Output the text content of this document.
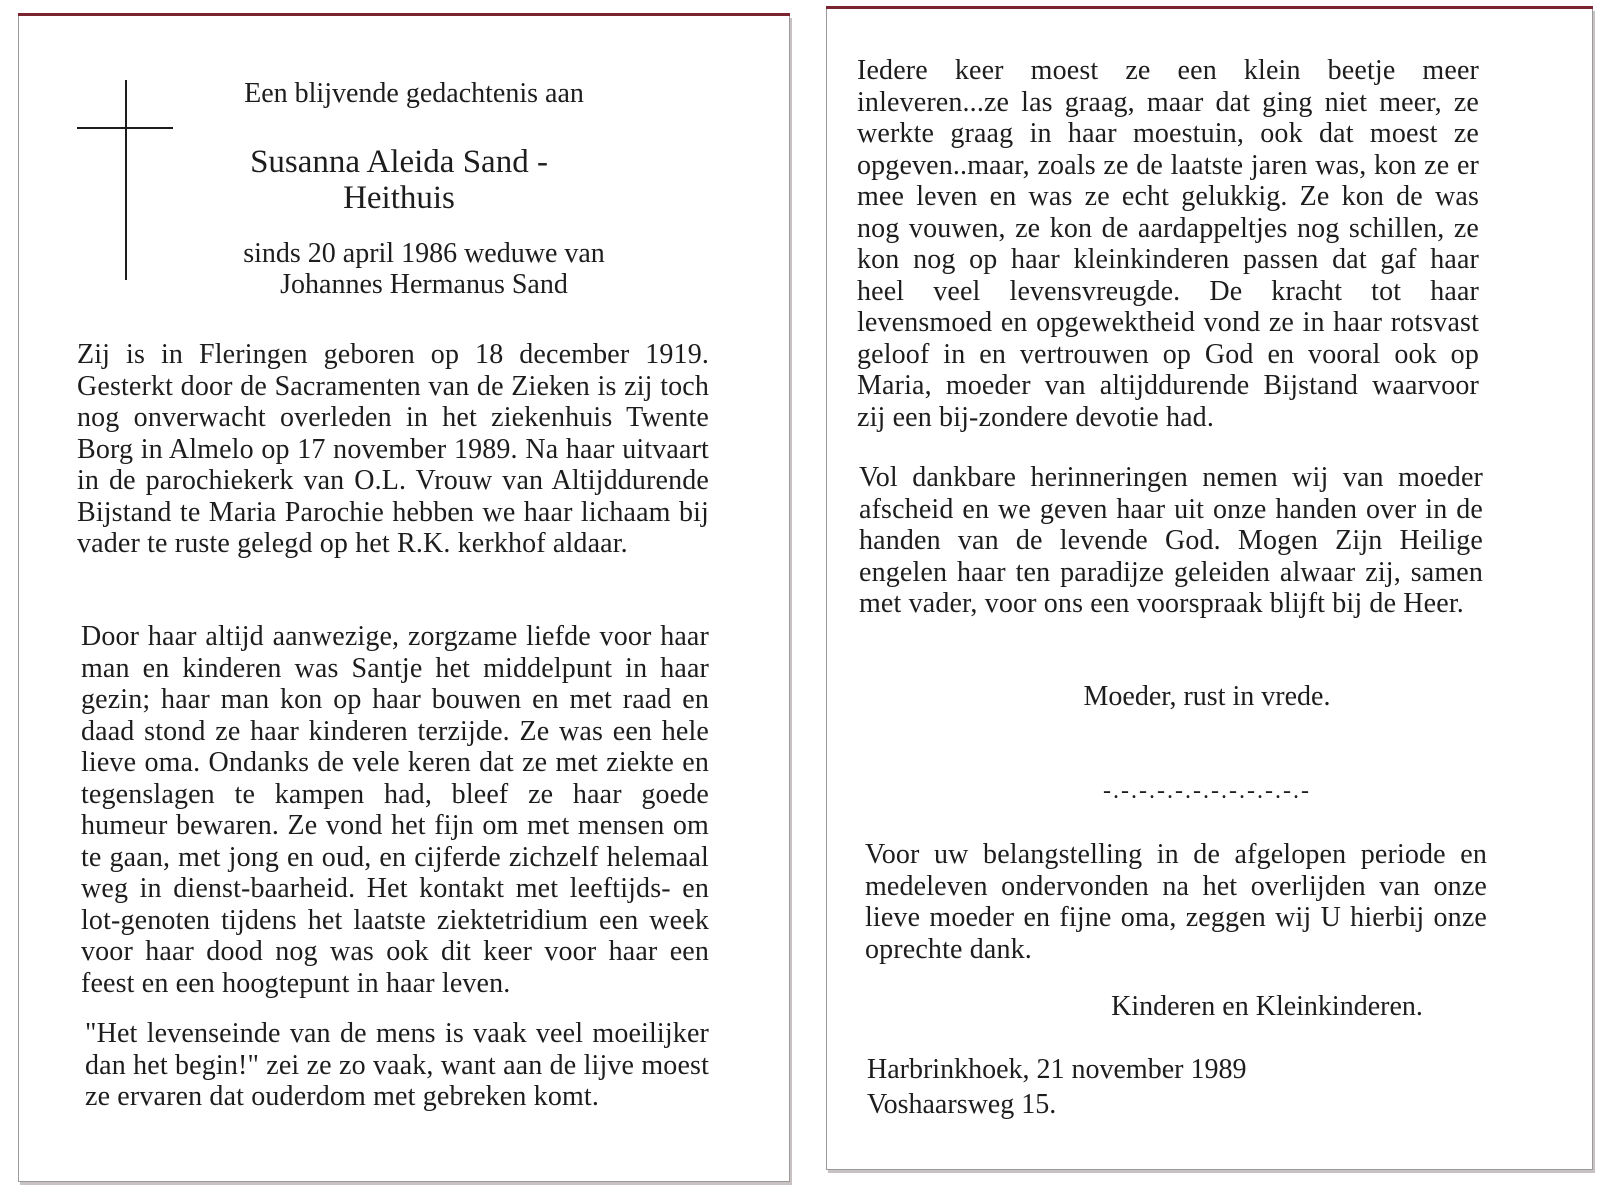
Een blijvende gedachtenis aan
Susanna Aleida Sand -
Heithuis
sinds 20 april 1986 weduwe van
Johannes Hermanus Sand
Zij is in Fleringen geboren op 18 december 1919. Gesterkt door de Sacramenten van de Zieken is zij toch nog onverwacht overleden in het ziekenhuis Twente Borg in Almelo op 17 november 1989. Na haar uitvaart in de parochiekerk van O.L. Vrouw van Altijddurende Bijstand te Maria Parochie hebben we haar lichaam bij vader te ruste gelegd op het R.K. kerkhof aldaar.
Door haar altijd aanwezige, zorgzame liefde voor haar man en kinderen was Santje het middelpunt in haar gezin; haar man kon op haar bouwen en met raad en daad stond ze haar kinderen terzijde. Ze was een hele lieve oma. Ondanks de vele keren dat ze met ziekte en tegenslagen te kampen had, bleef ze haar goede humeur bewaren. Ze vond het fijn om met mensen om te gaan, met jong en oud, en cijferde zichzelf helemaal weg in dienst-baarheid. Het kontakt met leeftijds- en lot-genoten tijdens het laatste ziektetridium een week voor haar dood nog was ook dit keer voor haar een feest en een hoogtepunt in haar leven.
"Het levenseinde van de mens is vaak veel moeilijker dan het begin!" zei ze zo vaak, want aan de lijve moest ze ervaren dat ouderdom met gebreken komt.
Iedere keer moest ze een klein beetje meer inleveren...ze las graag, maar dat ging niet meer, ze werkte graag in haar moestuin, ook dat moest ze opgeven..maar, zoals ze de laatste jaren was, kon ze er mee leven en was ze echt gelukkig. Ze kon de was nog vouwen, ze kon de aardappeltjes nog schillen, ze kon nog op haar kleinkinderen passen dat gaf haar heel veel levensvreugde. De kracht tot haar levensmoed en opgewektheid vond ze in haar rotsvast geloof in en vertrouwen op God en vooral ook op Maria, moeder van altijddurende Bijstand waarvoor zij een bij-zondere devotie had.
Vol dankbare herinneringen nemen wij van moeder afscheid en we geven haar uit onze handen over in de handen van de levende God. Mogen Zijn Heilige engelen haar ten paradijze geleiden alwaar zij, samen met vader, voor ons een voorspraak blijft bij de Heer.
Moeder, rust in vrede.
-.-.-.-.-.-.-.-.-.-.-.-
Voor uw belangstelling in de afgelopen periode en medeleven ondervonden na het overlijden van onze lieve moeder en fijne oma, zeggen wij U hierbij onze oprechte dank.
Kinderen en Kleinkinderen.
Harbrinkhoek, 21 november 1989
Voshaarsweg 15.
